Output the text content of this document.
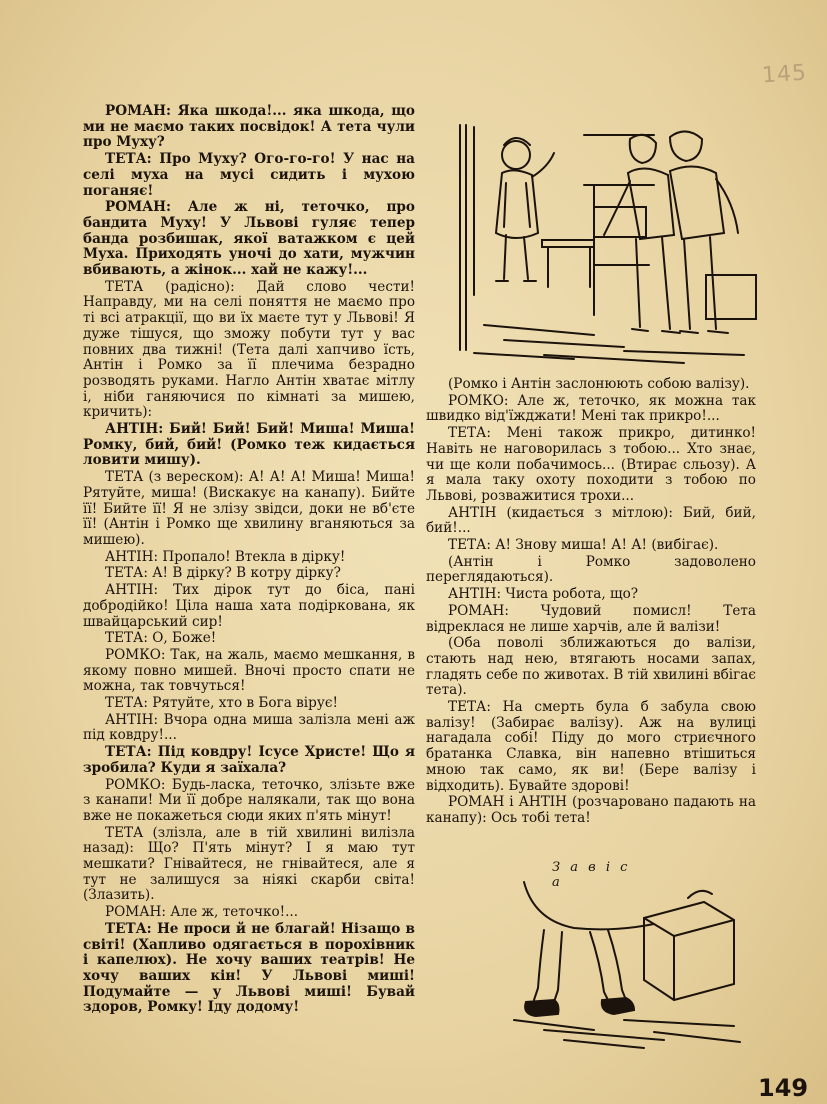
145

РОМАН: Яка шкода!... яка шкода, що ми не маємо таких посвідок! А тета чули про Муху?

ТЕТА: Про Муху? Ого-го-го! У нас на селі муха на мусі сидить і мухою поганяє!

РОМАН: Але ж ні, теточко, про бандита Муху! У Львові гуляє тепер банда розбишак, якої ватажком є цей Муха. Приходять уночі до хати, мужчин вбивають, а жінок... хай не кажу!...

ТЕТА (радісно): Дай слово чести! Направду, ми на селі поняття не маємо про ті всі атракції, що ви їх маєте тут у Львові! Я дуже тішуся, що зможу побути тут у вас повних два тижні! (Тета далі хапчиво їсть, Антін і Ромко за її плечима безрадно розводять руками. Нагло Антін хватає мітлу і, ніби ганяючися по кімнаті за мишею, кричить):

АНТІН: Бий! Бий! Бий! Миша! Миша! Ромку, бий, бий! (Ромко теж кидається ловити мишу).

ТЕТА (з вереском): А! А! А! Миша! Миша! Рятуйте, миша! (Вискакує на канапу). Бийте її! Бийте її! Я не злізу звідси, доки не вб'єте її! (Антін і Ромко ще хвилину вганяються за мишею).

АНТІН: Пропало! Втекла в дірку!

ТЕТА: А! В дірку? В котру дірку?

АНТІН: Тих дірок тут до біса, пані добродійко! Ціла наша хата подіркована, як швайцарський сир!

ТЕТА: О, Боже!

РОМКО: Так, на жаль, маємо мешкання, в якому повно мишей. Вночі просто спати не можна, так товчуться!

ТЕТА: Рятуйте, хто в Бога вірує!

АНТІН: Вчора одна миша залізла мені аж під ковдру!...

ТЕТА: Під ковдру! Ісусе Христе! Що я зробила? Куди я заїхала?

РОМКО: Будь-ласка, теточко, злізьте вже з канапи! Ми її добре налякали, так що вона вже не покажеться сюди яких п'ять мінут!

ТЕТА (злізла, але в тій хвилині вилізла назад): Що? П'ять мінут? І я маю тут мешкати? Гнівайтеся, не гнівайтеся, але я тут не залишуся за ніякі скарби світа! (Злазить).

РОМАН: Але ж, теточко!...

ТЕТА: Не проси й не благай! Нізащо в світі! (Хапливо одягається в порохівник і капелюх). Не хочу ваших театрів! Не хочу ваших кін! У Львові миші! Подумайте — у Львові миші! Бувай здоров, Ромку! Іду додому!

(Ромко і Антін заслонюють собою валізу).

РОМКО: Але ж, теточко, як можна так швидко від'їжджати! Мені так прикро!...

ТЕТА: Мені також прикро, дитинко! Навіть не наговорилась з тобою... Хто знає, чи ще коли побачимось... (Втирає сльозу). А я мала таку охоту походити з тобою по Львові, розважитися трохи...

АНТІН (кидається з мітлою): Бий, бий, бий!...

ТЕТА: А! Знову миша! А! А! (вибігає).

(Антін і Ромко задоволено переглядаються).

АНТІН: Чиста робота, що?

РОМАН: Чудовий помисл! Тета відреклася не лише харчів, але й валізи!

(Оба поволі зближаються до валізи, стають над нею, втягають носами запах, гладять себе по животах. В тій хвилині вбігає тета).

ТЕТА: На смерть була б забула свою валізу! (Забирає валізу). Аж на вулиці нагадала собі! Піду до мого стриєчного братанка Славка, він напевно втішиться мною так само, як ви! (Бере валізу і відходить). Бувайте здорові!

РОМАН і АНТІН (розчаровано падають на канапу): Ось тобі тета!

З а в і с а
149
